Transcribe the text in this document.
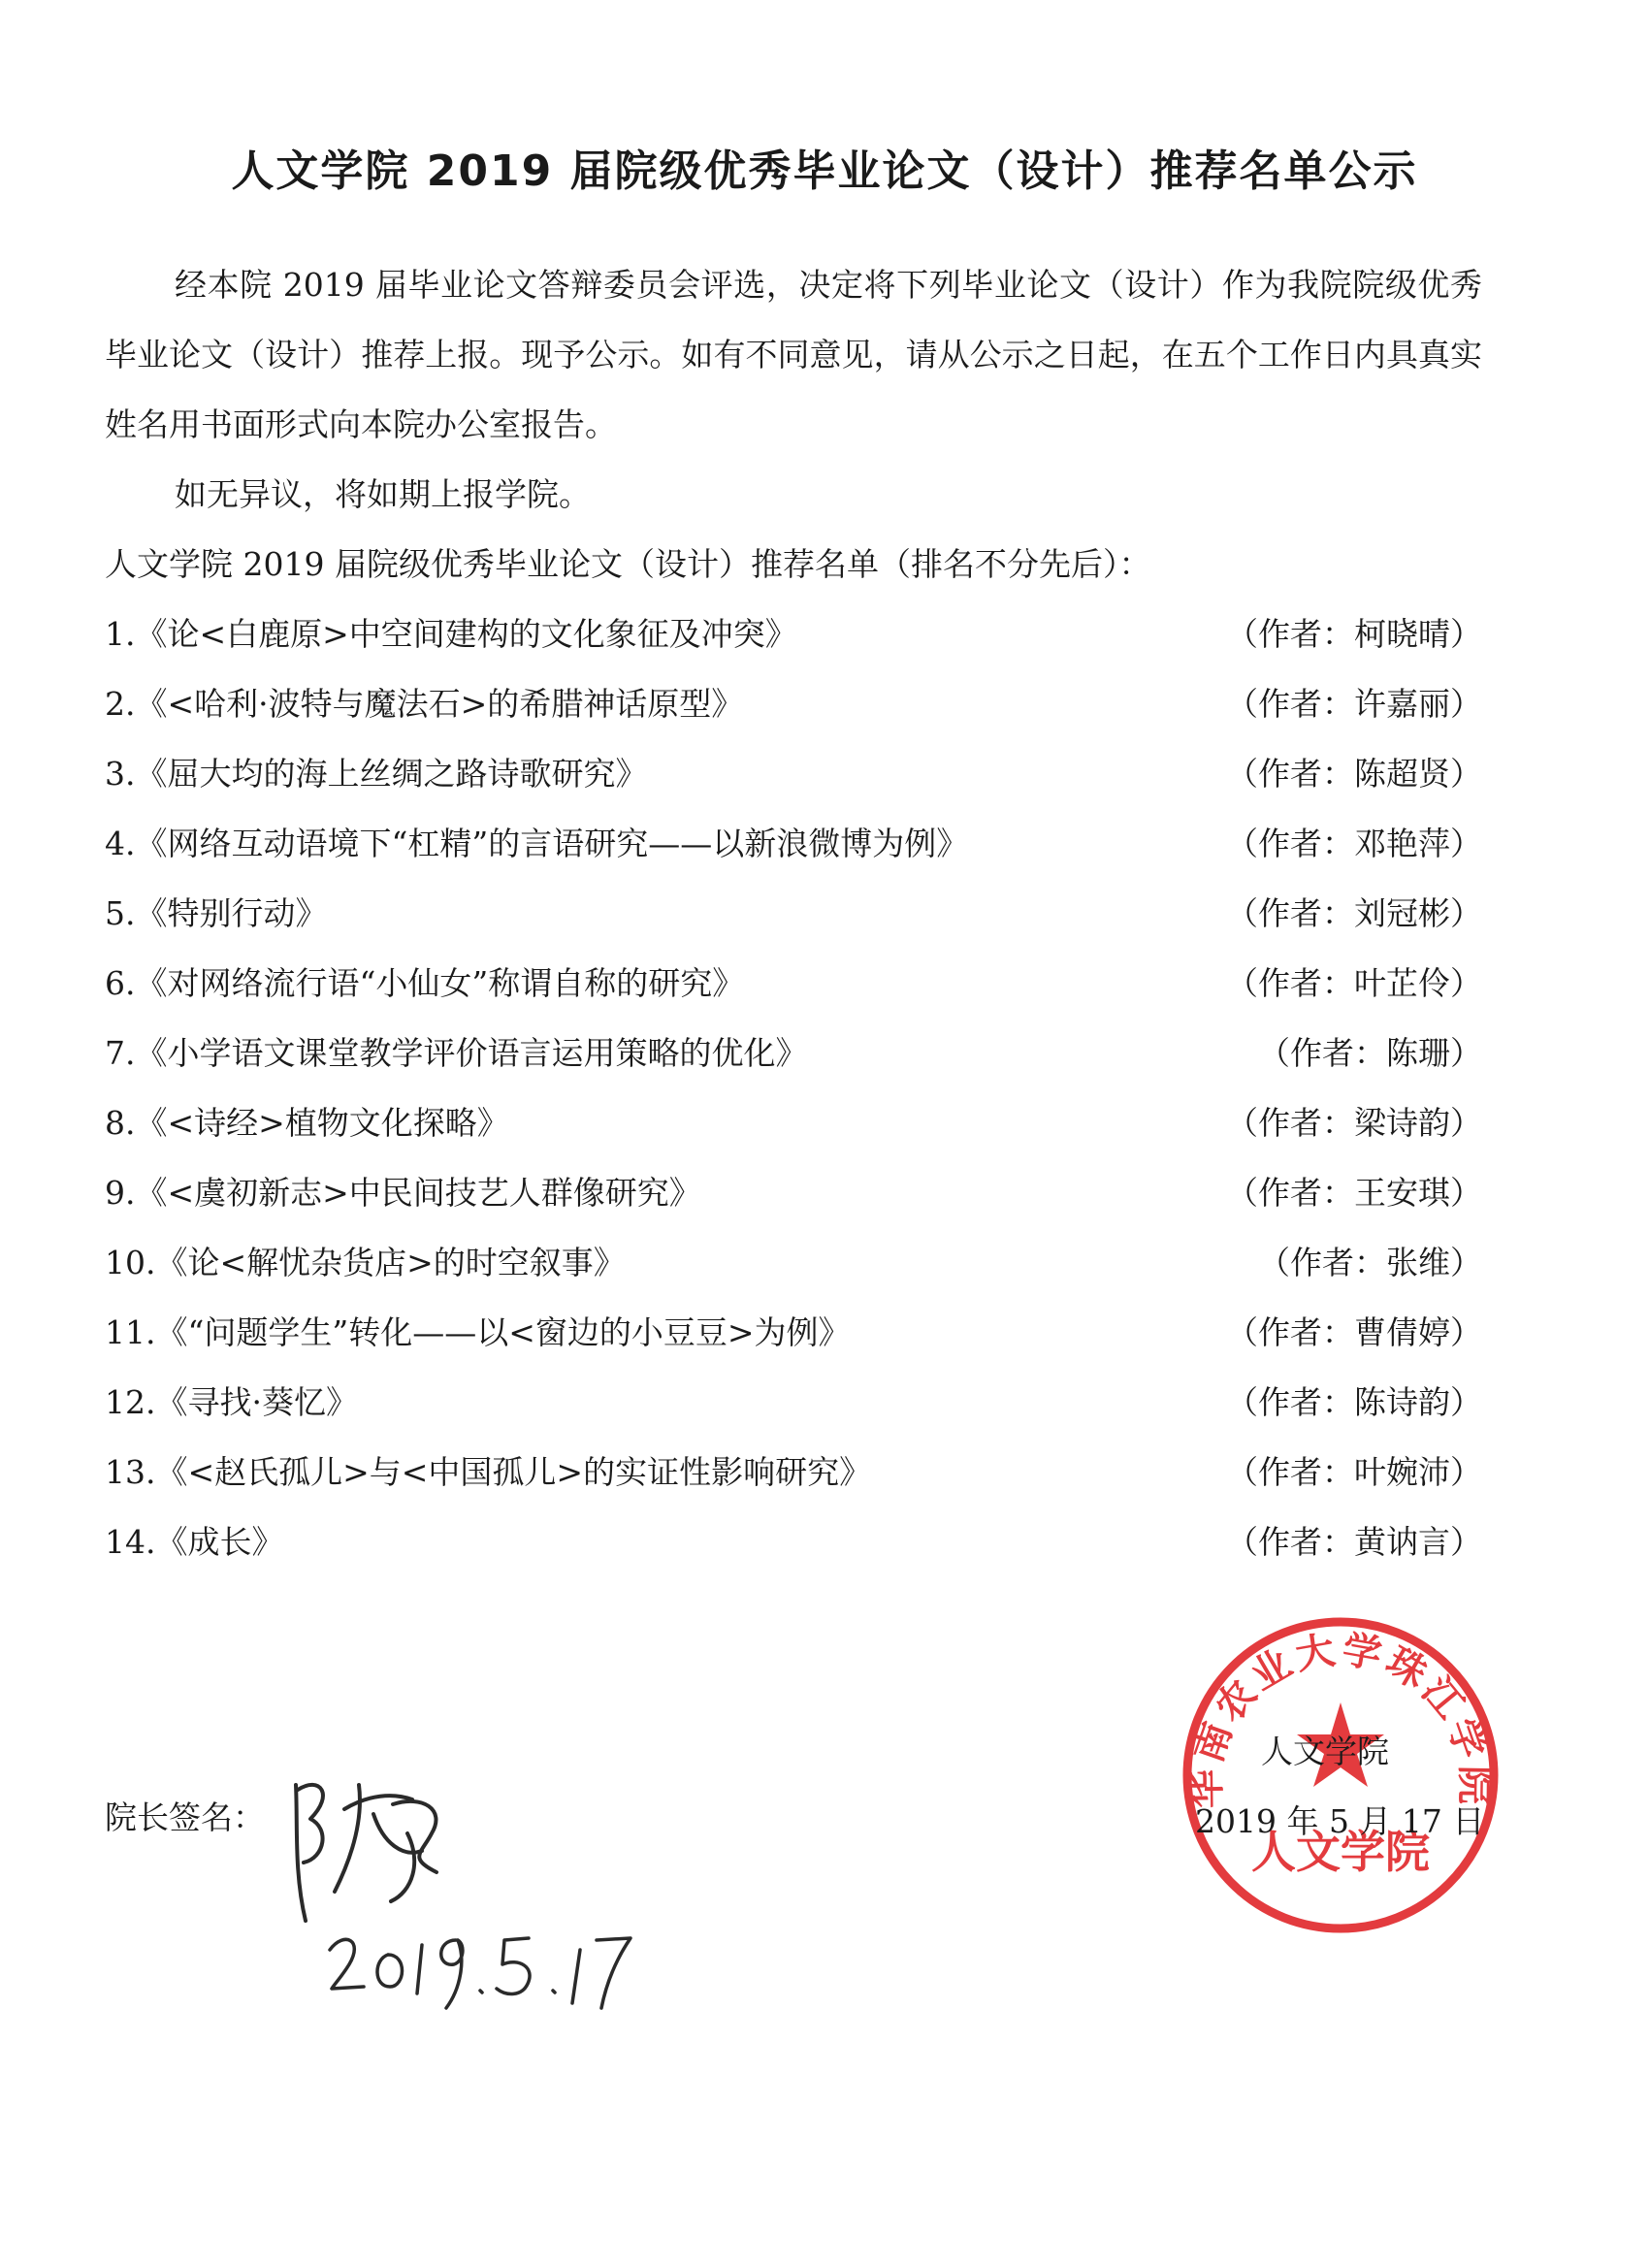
人文学院 2019 届院级优秀毕业论文（设计）推荐名单公示
经本院 2019 届毕业论文答辩委员会评选，决定将下列毕业论文（设计）作为我院院级优秀毕业论文（设计）推荐上报。现予公示。如有不同意见，请从公示之日起，在五个工作日内具真实姓名用书面形式向本院办公室报告。
如无异议，将如期上报学院。
人文学院 2019 届院级优秀毕业论文（设计）推荐名单（排名不分先后）：
1.《论<白鹿原>中空间建构的文化象征及冲突》	（作者：柯晓晴）
2.《<哈利·波特与魔法石>的希腊神话原型》	（作者：许嘉丽）
3.《屈大均的海上丝绸之路诗歌研究》	（作者：陈超贤）
4.《网络互动语境下“杠精”的言语研究——以新浪微博为例》	（作者：邓艳萍）
5.《特别行动》	（作者：刘冠彬）
6.《对网络流行语“小仙女”称谓自称的研究》	（作者：叶芷伶）
7.《小学语文课堂教学评价语言运用策略的优化》	（作者：陈珊）
8.《<诗经>植物文化探略》	（作者：梁诗韵）
9.《<虞初新志>中民间技艺人群像研究》	（作者：王安琪）
10.《论<解忧杂货店>的时空叙事》	（作者：张维）
11.《“问题学生”转化——以<窗边的小豆豆>为例》	（作者：曹倩婷）
12.《寻找·葵忆》	（作者：陈诗韵）
13.《<赵氏孤儿>与<中国孤儿>的实证性影响研究》	（作者：叶婉沛）
14.《成长》	（作者：黄讷言）
院长签名：
华南农业大学珠江学院
人文学院
人文学院
2019 年 5 月 17 日
